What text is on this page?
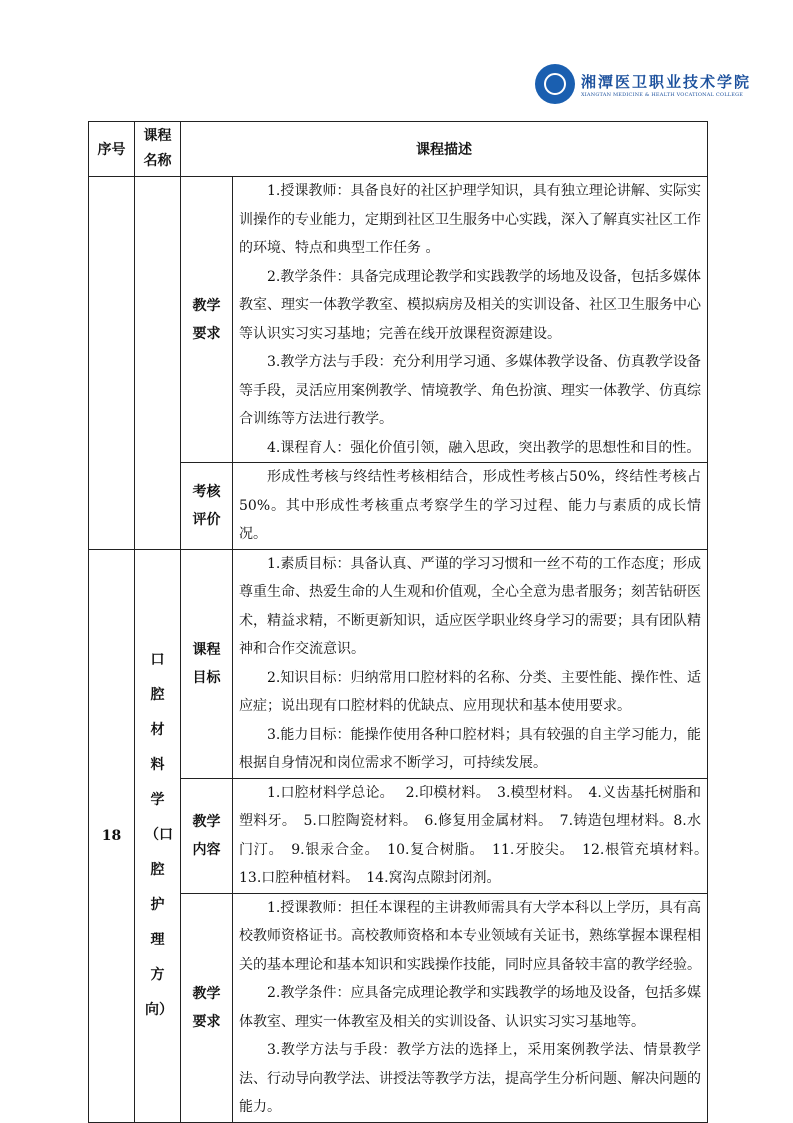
湘潭医卫职业技术学院
XIANGTAN MEDICINE & HEALTH VOCATIONAL COLLEGE
序号	课程名称	课程描述	
		教学要求	1.授课教师：具备良好的社区护理学知识，具有独立理论讲解、实际实训操作的专业能力，定期到社区卫生服务中心实践，深入了解真实社区工作的环境、特点和典型工作任务 。

2.教学条件：具备完成理论教学和实践教学的场地及设备，包括多媒体教室、理实一体教学教室、模拟病房及相关的实训设备、社区卫生服务中心等认识实习实习基地；完善在线开放课程资源建设。

3.教学方法与手段：充分利用学习通、多媒体教学设备、仿真教学设备等手段，灵活应用案例教学、情境教学、角色扮演、理实一体教学、仿真综合训练等方法进行教学。

4.课程育人：强化价值引领，融入思政，突出教学的思想性和目的性。

		考核评价	形成性考核与终结性考核相结合，形成性考核占50%，终结性考核占50%。其中形成性考核重点考察学生的学习过程、能力与素质的成长情况。

18	口腔材料学（口腔护理方向）	课程目标	1.素质目标：具备认真、严谨的学习习惯和一丝不苟的工作态度；形成尊重生命、热爱生命的人生观和价值观，全心全意为患者服务；刻苦钻研医术，精益求精，不断更新知识，适应医学职业终身学习的需要；具有团队精神和合作交流意识。

2.知识目标：归纳常用口腔材料的名称、分类、主要性能、操作性、适应症；说出现有口腔材料的优缺点、应用现状和基本使用要求。

3.能力目标：能操作使用各种口腔材料；具有较强的自主学习能力，能根据自身情况和岗位需求不断学习，可持续发展。

		教学内容	1.口腔材料学总论。　 2.印模材料。　3.模型材料。　4.义齿基托树脂和塑料牙。　5.口腔陶瓷材料。　6.修复用金属材料。　7.铸造包埋材料。8.水门汀。　9.银汞合金。　10.复合树脂。　11.牙胶尖。　12.根管充填材料。　13.口腔种植材料。　14.窝沟点隙封闭剂。

		教学要求	1.授课教师：担任本课程的主讲教师需具有大学本科以上学历，具有高校教师资格证书。高校教师资格和本专业领域有关证书，熟练掌握本课程相关的基本理论和基本知识和实践操作技能，同时应具备较丰富的教学经验。

2.教学条件：应具备完成理论教学和实践教学的场地及设备，包括多媒体教室、理实一体教室及相关的实训设备、认识实习实习基地等。

3.教学方法与手段：教学方法的选择上，采用案例教学法、情景教学法、行动导向教学法、讲授法等教学方法，提高学生分析问题、解决问题的能力。
